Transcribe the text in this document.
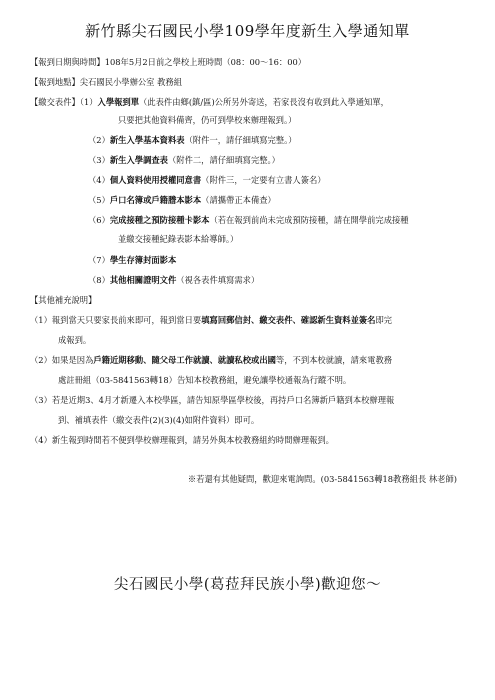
新竹縣尖石國民小學109學年度新生入學通知單
【報到日期與時間】108年5月2日前之學校上班時間（08：00～16：00）
【報到地點】尖石國民小學辦公室 教務組
【繳交表件】（1）入學報到單（此表件由鄉(鎮/區)公所另外寄送，若家長沒有收到此入學通知單，
只要把其他資料備齊，仍可到學校來辦理報到。）
（2）新生入學基本資料表（附件一，請仔細填寫完整。）
（3）新生入學調查表（附件二，請仔細填寫完整。）
（4）個人資料使用授權同意書（附件三，一定要有立書人簽名）
（5）戶口名簿或戶籍謄本影本（請攜帶正本備查）
（6）完成接種之預防接種卡影本（若在報到前尚未完成預防接種，請在開學前完成接種
並繳交接種紀錄表影本給導師。）
（7）學生存簿封面影本
（8）其他相關證明文件（視各表件填寫需求）
【其他補充說明】
（1）報到當天只要家長前來即可，報到當日要填寫回郵信封、繳交表件、確認新生資料並簽名即完
成報到。
（2）如果是因為戶籍近期移動、隨父母工作就讀、就讀私校或出國等，不到本校就讀，請來電教務
處註冊組（03-5841563轉18）告知本校教務組，避免讓學校通報為行蹤不明。
（3）若是近期3、4月才新遷入本校學區，請告知原學區學校後，再持戶口名簿新戶籍到本校辦理報
到、補填表件（繳交表件(2)(3)(4)如附件資料）即可。
（4）新生報到時間若不便到學校辦理報到，請另外與本校教務組約時間辦理報到。
※若還有其他疑問，歡迎來電詢問。(03-5841563轉18教務組長 林老師)
尖石國民小學(葛菈拜民族小學)歡迎您～
